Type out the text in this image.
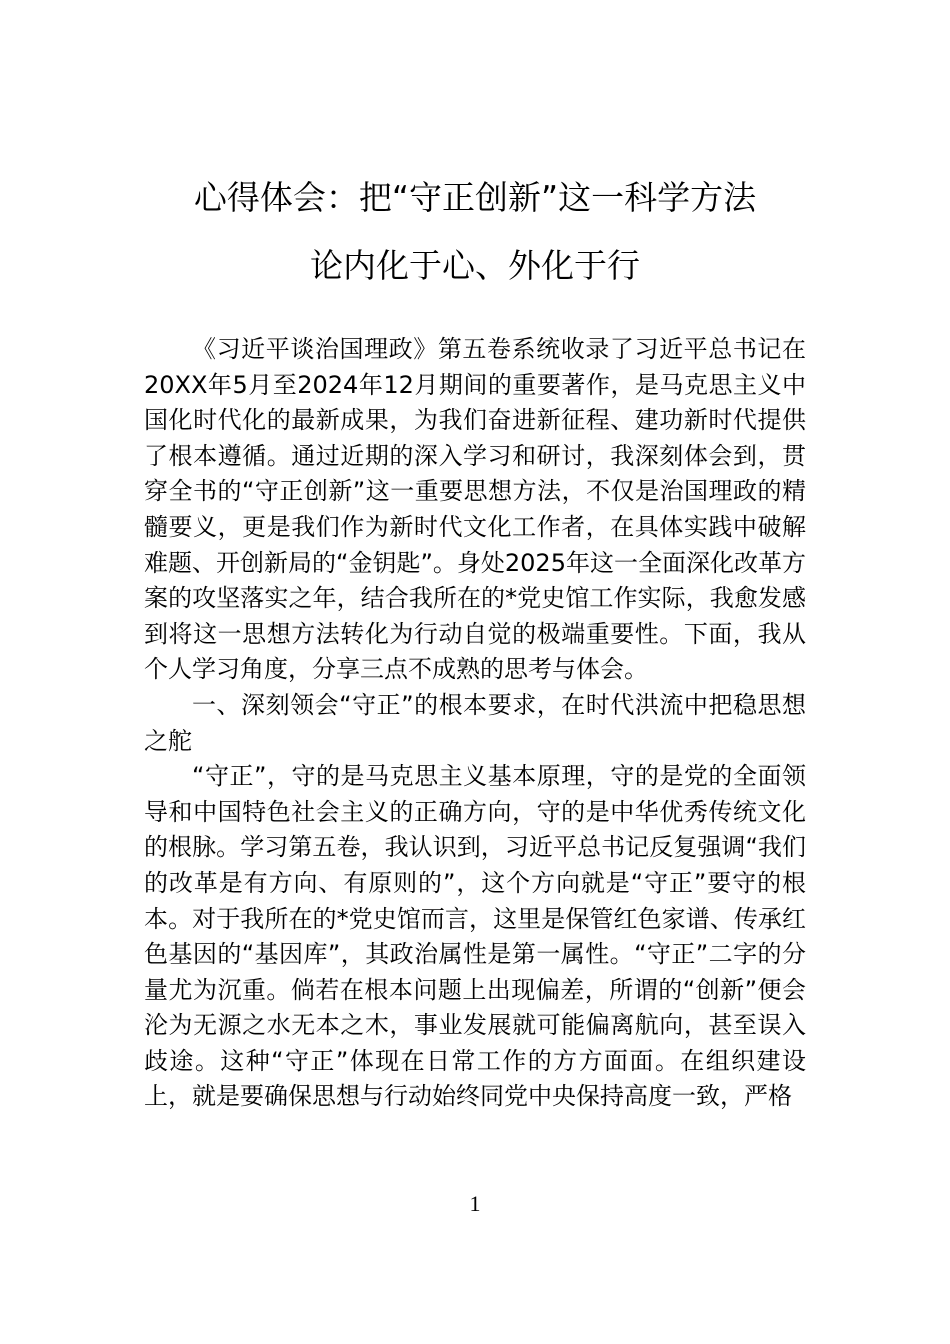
心得体会：把“守正创新”这一科学方法
论内化于心、外化于行

《习近平谈治国理政》第五卷系统收录了习近平总书记在20XX年5月至2024年12月期间的重要著作，是马克思主义中国化时代化的最新成果，为我们奋进新征程、建功新时代提供了根本遵循。通过近期的深入学习和研讨，我深刻体会到，贯穿全书的“守正创新”这一重要思想方法，不仅是治国理政的精髓要义，更是我们作为新时代文化工作者，在具体实践中破解难题、开创新局的“金钥匙”。身处2025年这一全面深化改革方案的攻坚落实之年，结合我所在的*党史馆工作实际，我愈发感到将这一思想方法转化为行动自觉的极端重要性。下面，我从个人学习角度，分享三点不成熟的思考与体会。

一、深刻领会“守正”的根本要求，在时代洪流中把稳思想之舵

“守正”，守的是马克思主义基本原理，守的是党的全面领导和中国特色社会主义的正确方向，守的是中华优秀传统文化的根脉。学习第五卷，我认识到，习近平总书记反复强调“我们的改革是有方向、有原则的”，这个方向就是“守正”要守的根本。对于我所在的*党史馆而言，这里是保管红色家谱、传承红色基因的“基因库”，其政治属性是第一属性。“守正”二字的分量尤为沉重。倘若在根本问题上出现偏差，所谓的“创新”便会沦为无源之水无本之木，事业发展就可能偏离航向，甚至误入歧途。这种“守正”体现在日常工作的方方面面。在组织建设上，就是要确保思想与行动始终同党中央保持高度一致，严格

1
